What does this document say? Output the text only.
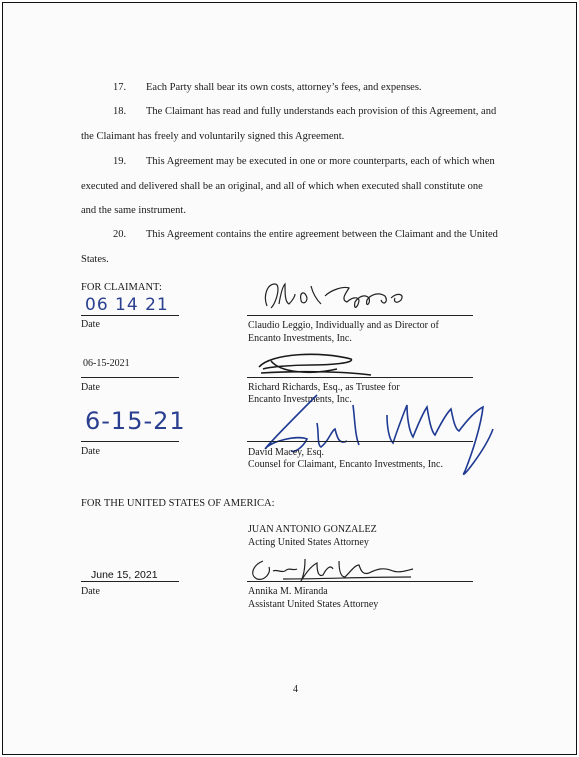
17. Each Party shall bear its own costs, attorney’s fees, and expenses.
18. The Claimant has read and fully understands each provision of this Agreement, and
the Claimant has freely and voluntarily signed this Agreement.
19. This Agreement may be executed in one or more counterparts, each of which when
executed and delivered shall be an original, and all of which when executed shall constitute one
and the same instrument.
20. This Agreement contains the entire agreement between the Claimant and the United
States.
FOR CLAIMANT:
06 14 21
Date	Claudio Leggio, Individually and as Director of
Encanto Investments, Inc.
06-15-2021
Date	Richard Richards, Esq., as Trustee for
Encanto Investments, Inc.
6-15-21
Date	David Macey, Esq.
Counsel for Claimant, Encanto Investments, Inc.
FOR THE UNITED STATES OF AMERICA:
JUAN ANTONIO GONZALEZ
Acting United States Attorney
June 15, 2021
Date	Annika M. Miranda
Assistant United States Attorney
4
